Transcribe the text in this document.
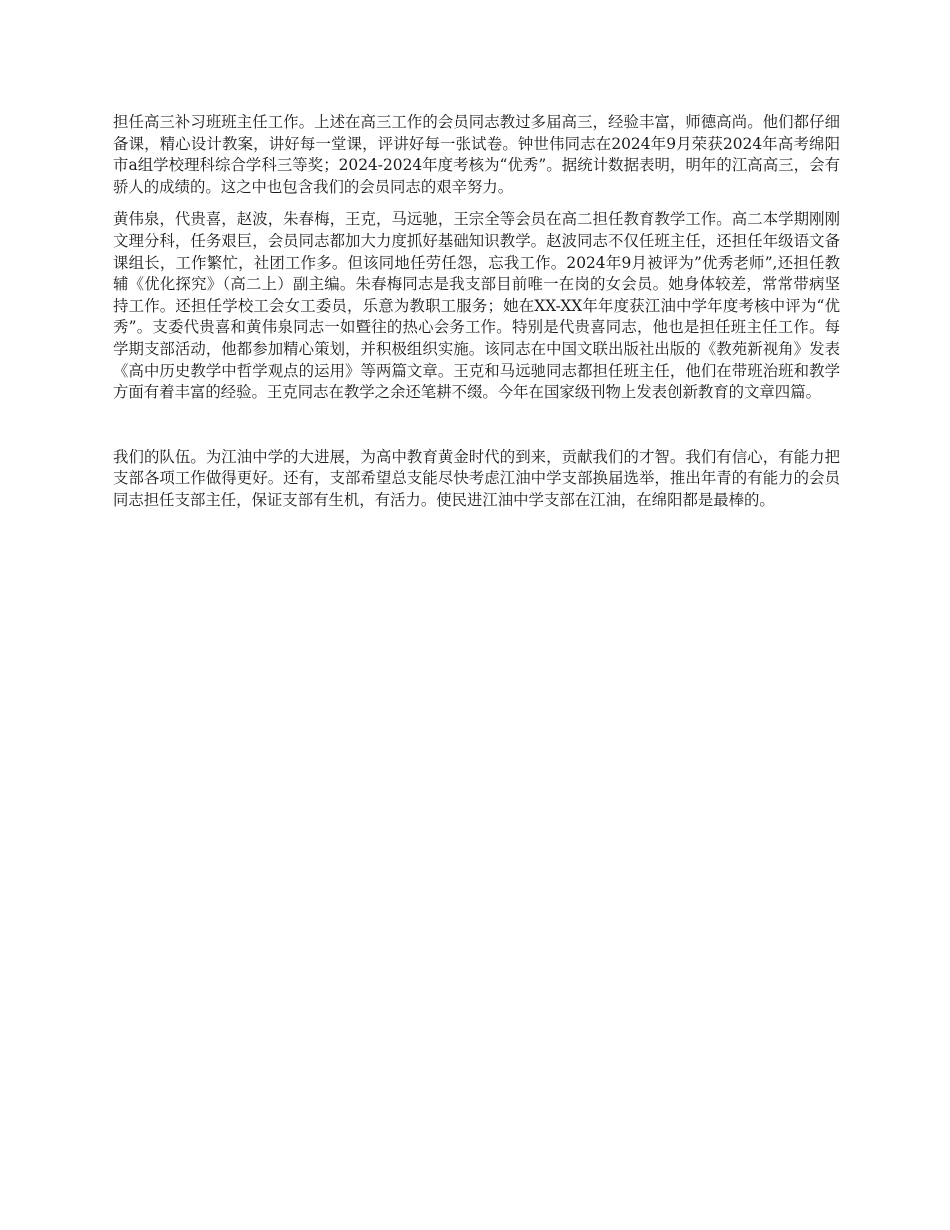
担任高三补习班班主任工作。上述在高三工作的会员同志教过多届高三，经验丰富，师德高尚。他们都仔细备课，精心设计教案，讲好每一堂课，评讲好每一张试卷。钟世伟同志在2024年9月荣获2024年高考绵阳市a组学校理科综合学科三等奖；2024-2024年度考核为“优秀”。据统计数据表明，明年的江高高三，会有骄人的成绩的。这之中也包含我们的会员同志的艰辛努力。

黄伟泉，代贵喜，赵波，朱春梅，王克，马远驰，王宗全等会员在高二担任教育教学工作。高二本学期刚刚文理分科，任务艰巨，会员同志都加大力度抓好基础知识教学。赵波同志不仅任班主任，还担任年级语文备课组长，工作繁忙，社团工作多。但该同地任劳任怨，忘我工作。2024年9月被评为”优秀老师”,还担任教辅《优化探究》（高二上）副主编。朱春梅同志是我支部目前唯一在岗的女会员。她身体较差，常常带病坚持工作。还担任学校工会女工委员，乐意为教职工服务；她在XX-XX年年度获江油中学年度考核中评为“优秀”。支委代贵喜和黄伟泉同志一如暨往的热心会务工作。特别是代贵喜同志，他也是担任班主任工作。每学期支部活动，他都参加精心策划，并积极组织实施。该同志在中国文联出版社出版的《教苑新视角》发表《高中历史教学中哲学观点的运用》等两篇文章。王克和马远驰同志都担任班主任，他们在带班治班和教学方面有着丰富的经验。王克同志在教学之余还笔耕不缀。今年在国家级刊物上发表创新教育的文章四篇。

我们的队伍。为江油中学的大进展，为高中教育黄金时代的到来，贡献我们的才智。我们有信心，有能力把支部各项工作做得更好。还有，支部希望总支能尽快考虑江油中学支部换届选举，推出年青的有能力的会员同志担任支部主任，保证支部有生机，有活力。使民进江油中学支部在江油，在绵阳都是最棒的。
